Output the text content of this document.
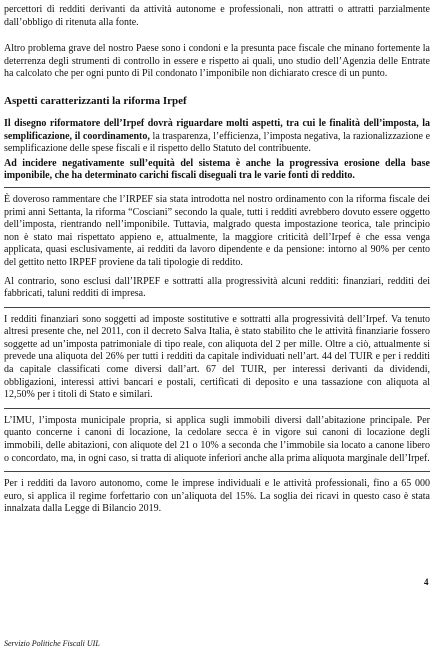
percettori di redditi derivanti da attività autonome e professionali, non attratti o attratti parzialmente dall’obbligo di ritenuta alla fonte.

Altro problema grave del nostro Paese sono i condoni e la presunta pace fiscale che minano fortemente la deterrenza degli strumenti di controllo in essere e rispetto ai quali, uno studio dell’Agenzia delle Entrate ha calcolato che per ogni punto di Pil condonato l’imponibile non dichiarato cresce di un punto.

Aspetti caratterizzanti la riforma Irpef

Il disegno riformatore dell’Irpef dovrà riguardare molti aspetti, tra cui le finalità dell’imposta, la semplificazione, il coordinamento, la trasparenza, l’efficienza, l’imposta negativa, la razionalizzazione e semplificazione delle spese fiscali e il rispetto dello Statuto del contribuente.

Ad incidere negativamente sull’equità del sistema è anche la progressiva erosione della base imponibile, che ha determinato carichi fiscali diseguali tra le varie fonti di reddito.

È doveroso rammentare che l’IRPEF sia stata introdotta nel nostro ordinamento con la riforma fiscale dei primi anni Settanta, la riforma “Cosciani” secondo la quale, tutti i redditi avrebbero dovuto essere oggetto dell’imposta, rientrando nell’imponibile. Tuttavia, malgrado questa impostazione teorica, tale principio non è stato mai rispettato appieno e, attualmente, la maggiore criticità dell’Irpef è che essa venga applicata, quasi esclusivamente, ai redditi da lavoro dipendente e da pensione: intorno al 90% per cento del gettito netto IRPEF proviene da tali tipologie di reddito.

Al contrario, sono esclusi dall’IRPEF e sottratti alla progressività alcuni redditi: finanziari, redditi dei fabbricati, taluni redditi di impresa.

I redditi finanziari sono soggetti ad imposte sostitutive e sottratti alla progressività dell’Irpef. Va tenuto altresì presente che, nel 2011, con il decreto Salva Italia, è stato stabilito che le attività finanziarie fossero soggette ad un’imposta patrimoniale di tipo reale, con aliquota del 2 per mille. Oltre a ciò, attualmente si prevede una aliquota del 26% per tutti i redditi da capitale individuati nell’art. 44 del TUIR e per i redditi da capitale classificati come diversi dall’art. 67 del TUIR, per interessi derivanti da dividendi, obbligazioni, interessi attivi bancari e postali, certificati di deposito e una tassazione con aliquota al 12,50% per i titoli di Stato e similari.

L’IMU, l’imposta municipale propria, si applica sugli immobili diversi dall’abitazione principale. Per quanto concerne i canoni di locazione, la cedolare secca è in vigore sui canoni di locazione degli immobili, delle abitazioni, con aliquote del 21 o 10% a seconda che l’immobile sia locato a canone libero o concordato, ma, in ogni caso, si tratta di aliquote inferiori anche alla prima aliquota marginale dell’Irpef.

Per i redditi da lavoro autonomo, come le imprese individuali e le attività professionali, fino a 65 000 euro, si applica il regime forfettario con un’aliquota del 15%. La soglia dei ricavi in questo caso è stata innalzata dalla Legge di Bilancio 2019.

4
Servizio Politiche Fiscali UIL
